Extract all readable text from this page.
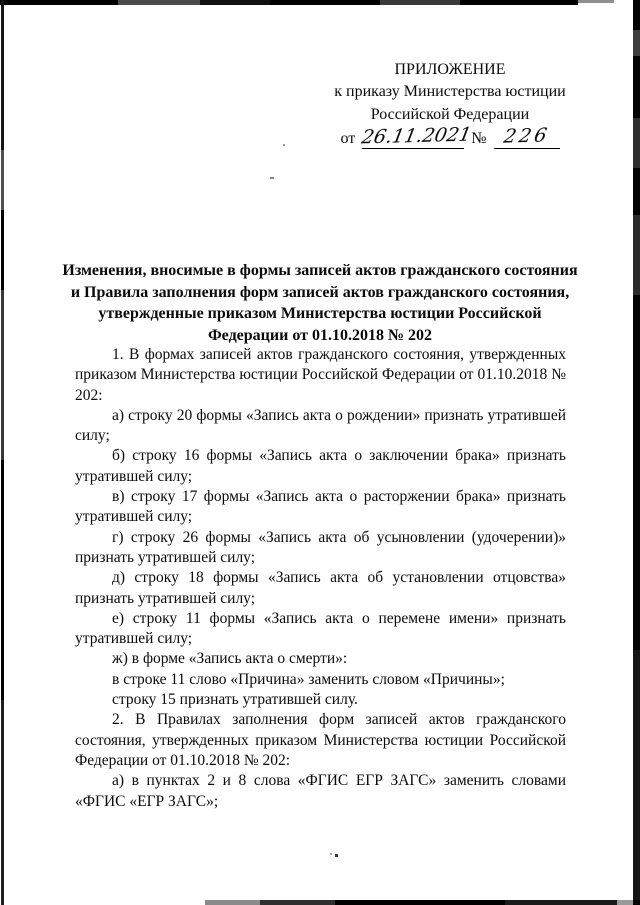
ПРИЛОЖЕНИЕ
к приказу Министерства юстиции
Российской Федерации
от 26.11.2021
№ 226
Изменения, вносимые в формы записей актов гражданского состояния
и Правила заполнения форм записей актов гражданского состояния,
утвержденные приказом Министерства юстиции Российской
Федерации от 01.10.2018 № 202

1. В формах записей актов гражданского состояния, утвержденных приказом Министерства юстиции Российской Федерации от 01.10.2018 № 202:

а) строку 20 формы «Запись акта о рождении» признать утратившей силу;

б) строку 16 формы «Запись акта о заключении брака» признать утратившей силу;

в) строку 17 формы «Запись акта о расторжении брака» признать утратившей силу;

г) строку 26 формы «Запись акта об усыновлении (удочерении)» признать утратившей силу;

д) строку 18 формы «Запись акта об установлении отцовства» признать утратившей силу;

е) строку 11 формы «Запись акта о перемене имени» признать утратившей силу;

ж) в форме «Запись акта о смерти»:

в строке 11 слово «Причина» заменить словом «Причины»;

строку 15 признать утратившей силу.

2. В Правилах заполнения форм записей актов гражданского состояния, утвержденных приказом Министерства юстиции Российской Федерации от 01.10.2018 № 202:

а) в пунктах 2 и 8 слова «ФГИС ЕГР ЗАГС» заменить словами «ФГИС «ЕГР ЗАГС»;
